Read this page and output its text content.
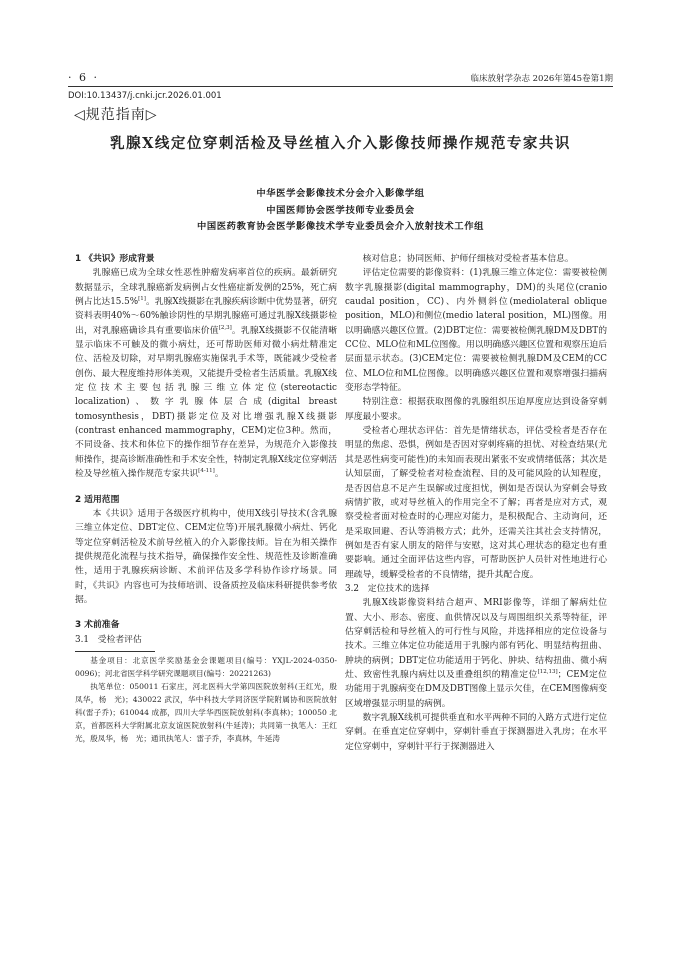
· 6 ·	临床放射学杂志 2026年第45卷第1期
DOI:10.13437/j.cnki.jcr.2026.01.001
◁规范指南▷
乳腺X线定位穿刺活检及导丝植入介入影像技师操作规范专家共识
中华医学会影像技术分会介入影像学组
中国医师协会医学技师专业委员会
中国医药教育协会医学影像技术学专业委员会介入放射技术工作组
1 《共识》形成背景

乳腺癌已成为全球女性恶性肿瘤发病率首位的疾病。最新研究数据显示，全球乳腺癌新发病例占女性癌症新发例的25%，死亡病例占比达15.5%[1]。乳腺X线摄影在乳腺疾病诊断中优势显著，研究资料表明40%～60%触诊阴性的早期乳腺癌可通过乳腺X线摄影检出，对乳腺癌确诊具有重要临床价值[2,3]。乳腺X线摄影不仅能清晰显示临床不可触及的微小病灶，还可帮助医师对微小病灶精准定位、活检及切除，对早期乳腺癌实施保乳手术等，既能减少受检者创伤、最大程度维持形体美观，又能提升受检者生活质量。乳腺X线定位技术主要包括乳腺三维立体定位(stereotactic localization)、数字乳腺体层合成(digital breast tomosynthesis，DBT)摄影定位及对比增强乳腺X线摄影(contrast enhanced mammography，CEM)定位3种。然而，不同设备、技术和体位下的操作细节存在差异，为规范介入影像技师操作，提高诊断准确性和手术安全性，特制定乳腺X线定位穿刺活检及导丝植入操作规范专家共识[4-11]。

2 适用范围

本《共识》适用于各级医疗机构中，使用X线引导技术(含乳腺三维立体定位、DBT定位、CEM定位等)开展乳腺微小病灶、钙化等定位穿刺活检及术前导丝植入的介入影像技师。旨在为相关操作提供规范化流程与技术指导，确保操作安全性、规范性及诊断准确性，适用于乳腺疾病诊断、术前评估及多学科协作诊疗场景。同时，《共识》内容也可为技师培训、设备质控及临床科研提供参考依据。

3 术前准备
3.1　受检者评估

基金项目：北京医学奖励基金会课题项目(编号：YXJL-2024-0350-0096)；河北省医学科学研究课题项目(编号：20221263)

执笔单位：050011 石家庄，河北医科大学第四医院放射科(王红光，殷凤华，杨　光)；430022 武汉，华中科技大学同济医学院附属协和医院放射科(雷子乔)；610044 成都，四川大学华西医院放射科(李真林)；100050 北京，首都医科大学附属北京友谊医院放射科(牛延涛)；共同第一执笔人：王红光，殷凤华，杨　光；通讯执笔人：雷子乔，李真林，牛延涛

核对信息；协同医师、护师仔细核对受检者基本信息。

评估定位需要的影像资料：(1)乳腺三维立体定位：需要被检侧数字乳腺摄影(digital mammography，DM)的头尾位(cranio caudal position，CC)、内外侧斜位(mediolateral oblique position，MLO)和侧位(medio lateral position，ML)图像。用以明确感兴趣区位置。(2)DBT定位：需要被检侧乳腺DM及DBT的CC位、MLO位和ML位图像。用以明确感兴趣区位置和观察压迫后层面显示状态。(3)CEM定位：需要被检侧乳腺DM及CEM的CC位、MLO位和ML位图像。以明确感兴趣区位置和观察增强扫描病变形态学特征。

特别注意：根据获取图像的乳腺组织压迫厚度应达到设备穿刺厚度最小要求。

受检者心理状态评估：首先是情绪状态，评估受检者是否存在明显的焦虑、恐惧，例如是否因对穿刺疼痛的担忧、对检查结果(尤其是恶性病变可能性)的未知而表现出紧张不安或情绪低落；其次是认知层面，了解受检者对检查流程、目的及可能风险的认知程度，是否因信息不足产生误解或过度担忧，例如是否误认为穿刺会导致病情扩散，或对导丝植入的作用完全不了解；再者是应对方式，观察受检者面对检查时的心理应对能力，是积极配合、主动询问，还是采取回避、否认等消极方式；此外，还需关注其社会支持情况，例如是否有家人朋友的陪伴与安慰，这对其心理状态的稳定也有重要影响。通过全面评估这些内容，可帮助医护人员针对性地进行心理疏导，缓解受检者的不良情绪，提升其配合度。

3.2　定位技术的选择

乳腺X线影像资料结合超声、MRI影像等，详细了解病灶位置、大小、形态、密度、血供情况以及与周围组织关系等特征，评估穿刺活检和导丝植入的可行性与风险，并选择相应的定位设备与技术。三维立体定位功能适用于乳腺内部有钙化、明显结构扭曲、肿块的病例；DBT定位功能适用于钙化、肿块、结构扭曲、微小病灶、致密性乳腺内病灶以及重叠组织的精准定位[12,13]；CEM定位功能用于乳腺病变在DM及DBT图像上显示欠佳，在CEM图像病变区域增强显示明显的病例。

数字乳腺X线机可提供垂直和水平两种不同的入路方式进行定位穿刺。在垂直定位穿刺中，穿刺针垂直于探测器进入乳房；在水平定位穿刺中，穿刺针平行于探测器进入
